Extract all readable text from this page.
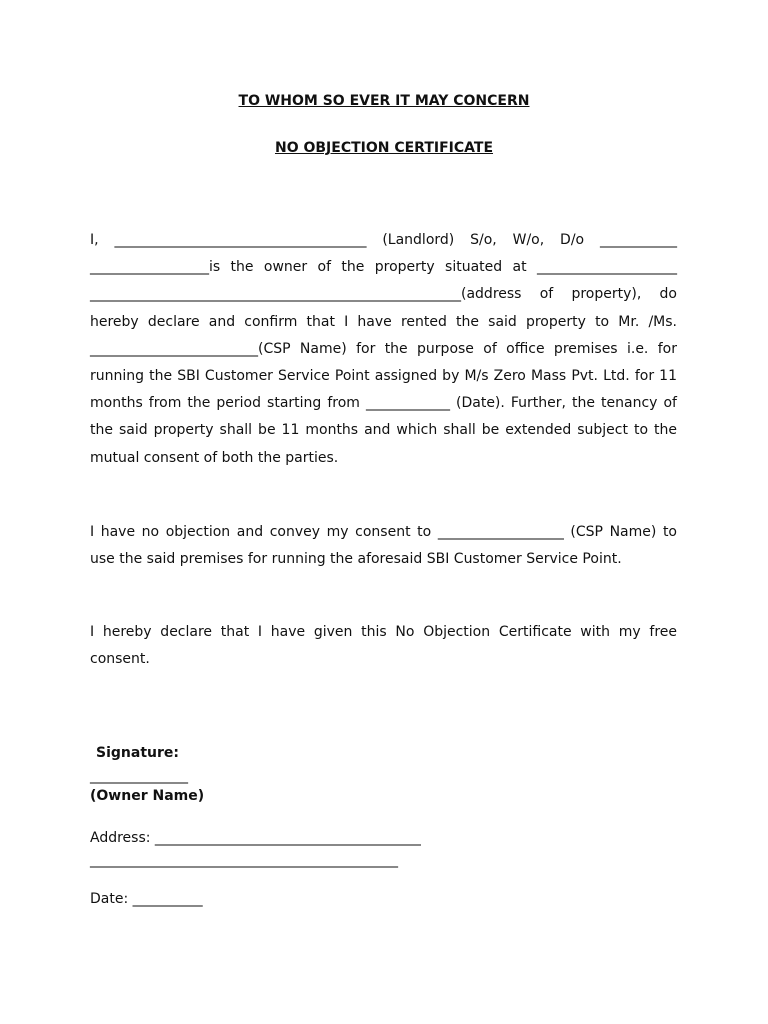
TO WHOM SO EVER IT MAY CONCERN
NO OBJECTION CERTIFICATE

I, ____________________________________ (Landlord) S/o, W/o, D/o ___________ _________________is the owner of the property situated at ____________________ _____________________________________________________(address of property), do hereby declare and confirm that I have rented the said property to Mr. /Ms. ________________________(CSP Name) for the purpose of office premises i.e. for running the SBI Customer Service Point assigned by M/s Zero Mass Pvt. Ltd. for 11 months from the period starting from ____________ (Date). Further, the tenancy of the said property shall be 11 months and which shall be extended subject to the mutual consent of both the parties.

I have no objection and convey my consent to __________________ (CSP Name) to use the said premises for running the aforesaid SBI Customer Service Point.

I hereby declare that I have given this No Objection Certificate with my free consent.

Signature:
______________
(Owner Name)
Address: ______________________________________
____________________________________________
Date: __________
